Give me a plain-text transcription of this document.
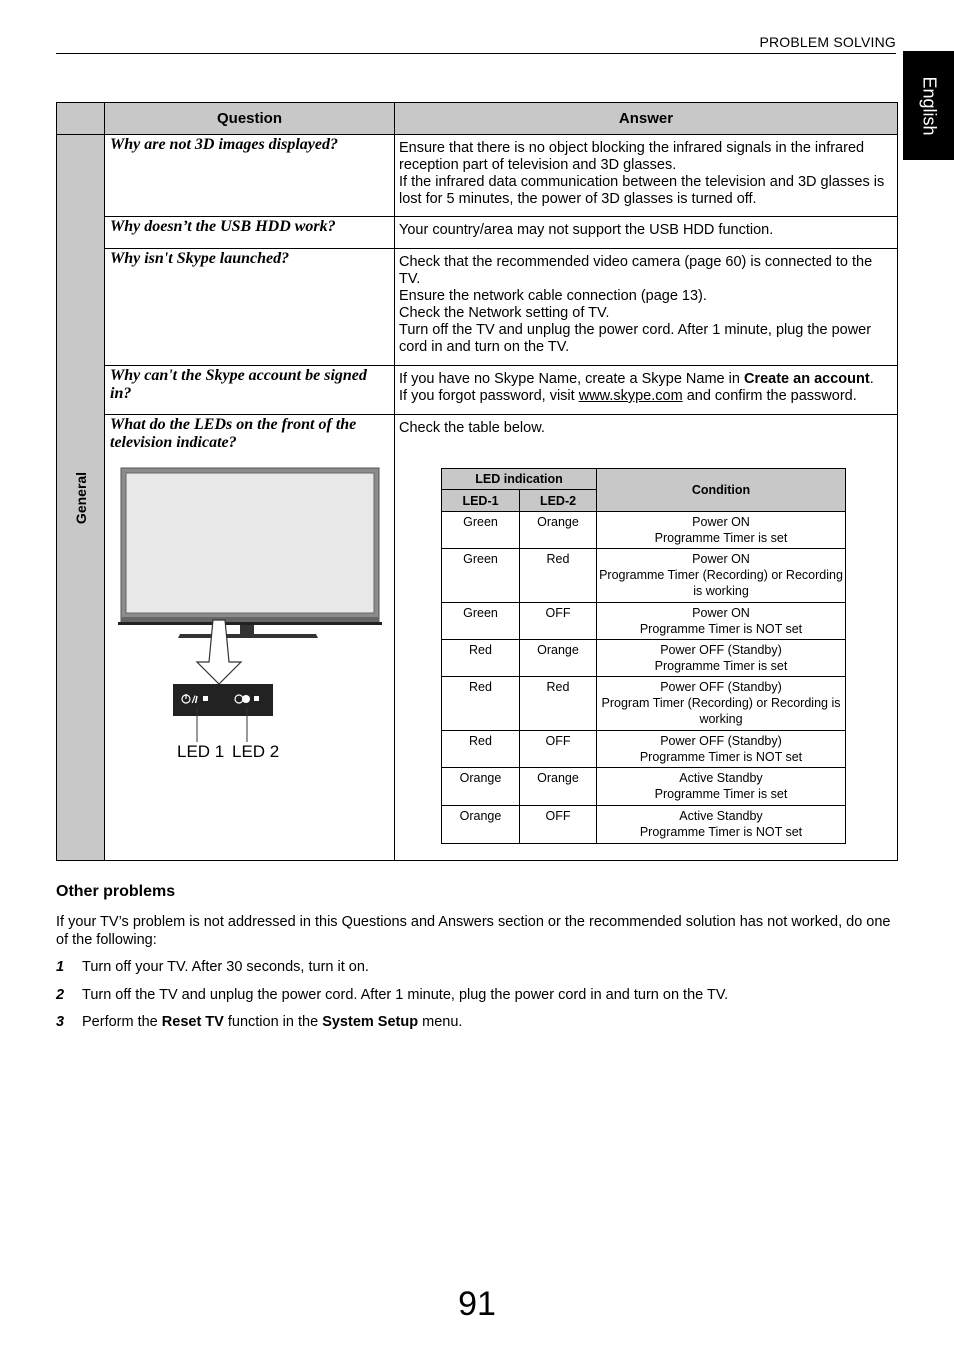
PROBLEM SOLVING
English
	Question	Answer

General	Why are not 3D images displayed?	Ensure that there is no object blocking the infrared signals in the infrared reception part of television and 3D glasses.

If the infrared data communication between the television and 3D glasses is lost for 5 minutes, the power of 3D glasses is turned off.

	Why doesn’t the USB HDD work?	Your country/area may not support the USB HDD function.

	Why isn't Skype launched?	Check that the recommended video camera (page 60) is connected to the TV.

Ensure the network cable connection (page 13).

Check the Network setting of TV.

Turn off the TV and unplug the power cord. After 1 minute, plug the power cord in and turn on the TV.

	Why can't the Skype account be signed in?	If you have no Skype Name, create a Skype Name in Create an account.

If you forgot password, visit www.skype.com and confirm the password.

	What do the LEDs on the front of the television indicate?
/I
LED 1 LED 2	Check the table below.

LED indication		Condition
LED-1	LED-2	
Green	Orange	Power ON
Programme Timer is set

Green	Red	Power ON
Programme Timer (Recording) or Recording is working

Green	OFF	Power ON
Programme Timer is NOT set

Red	Orange	Power OFF (Standby)
Programme Timer is set

Red	Red	Power OFF (Standby)
Program Timer (Recording) or Recording is working

Red	OFF	Power OFF (Standby)
Programme Timer is NOT set

Orange	Orange	Active Standby
Programme Timer is set

Orange	OFF	Active Standby
Programme Timer is NOT set
Other problems
If your TV’s problem is not addressed in this Questions and Answers section or the recommended solution has not worked, do one of the following:
1 Turn off your TV. After 30 seconds, turn it on.
2 Turn off the TV and unplug the power cord. After 1 minute, plug the power cord in and turn on the TV.
3 Perform the Reset TV function in the System Setup menu.
91
